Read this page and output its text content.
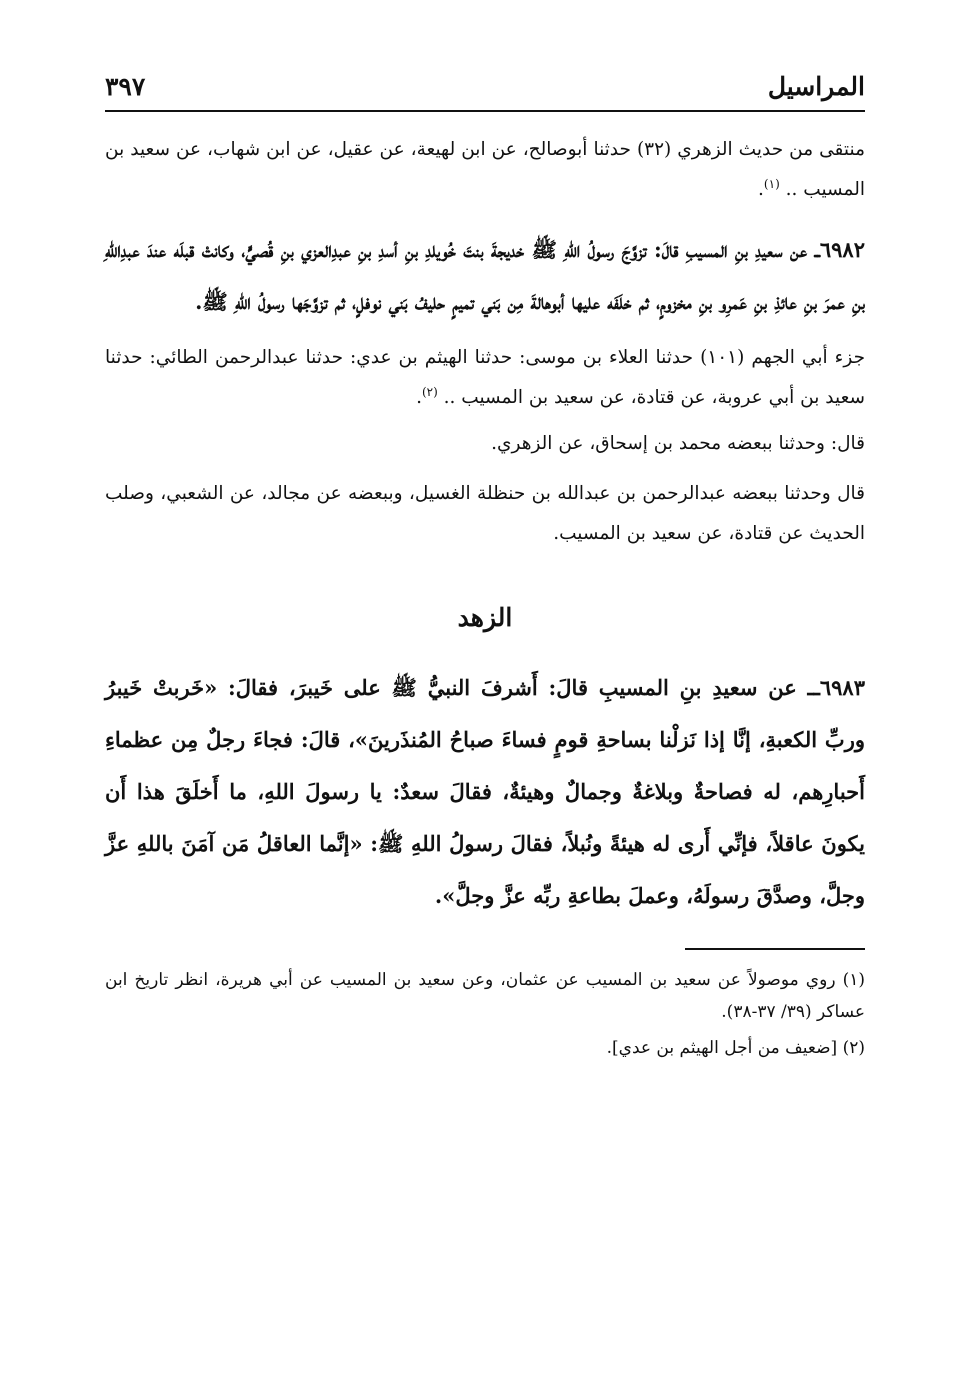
المراسيل
٣٩٧

منتقى من حديث الزهري (٣٢) حدثنا أبوصالح، عن ابن لهيعة، عن عقيل، عن ابن شهاب، عن سعيد بن المسيب .. $^{(١)}$.

٦٩٨٢ــ عن سعيدِ بنِ المسيبِ قالَ: تزوَّجَ رسولُ اللهِ ﷺ خديجةَ بنتَ خُويلدِ بنِ أسدِ بنِ عبدِالعزي بنِ قُصيٍّ، وكانتْ قبلَه عندَ عبدِاللهِ بنِ عمرَ بنِ عائذِ بنِ عَمرِو بنِ مخزومٍ، ثم خلَفَه عليها أبوهالةَ مِن بَني تميمٍ حليفُ بَني نوفلٍ، ثم تزوَّجَها رسولُ اللهِ ﷺ.

جزء أبي الجهم (١٠١) حدثنا العلاء بن موسى: حدثنا الهيثم بن عدي: حدثنا عبدالرحمن الطائي: حدثنا سعيد بن أبي عروبة، عن قتادة، عن سعيد بن المسيب .. $^{(٢)}$.

قال: وحدثنا ببعضه محمد بن إسحاق، عن الزهري.

قال وحدثنا ببعضه عبدالرحمن بن عبدالله بن حنظلة الغسيل، وببعضه عن مجالد، عن الشعبي، وصلب الحديث عن قتادة، عن سعيد بن المسيب.

الزهد

٦٩٨٣ــ عن سعيدِ بنِ المسيبِ قالَ: أَشرفَ النبيُّ ﷺ على خَيبرَ، فقالَ: «خَربتْ خَيبرُ وربِّ الكعبةِ، إنَّا إذا نَزلْنا بساحةِ قومٍ فساءَ صباحُ المُنذَرينَ»، قالَ: فجاءَ رجلٌ مِن عظماءِ أَحبارِهم، له فصاحةٌ وبلاغةٌ وجمالٌ وهيئةٌ، فقالَ سعدٌ: يا رسولَ اللهِ، ما أَخلَقَ هذا أَن يكونَ عاقلاً، فإنِّي أَرى له هيئةً ونُبلاً، فقالَ رسولُ اللهِ ﷺ: «إنَّما العاقلُ مَن آمَنَ باللهِ عزَّ وجلَّ، وصدَّقَ رسولَهُ، وعملَ بطاعةِ ربِّه عزَّ وجلَّ».

(١) روي موصولاً عن سعيد بن المسيب عن عثمان، وعن سعيد بن المسيب عن أبي هريرة، انظر تاريخ ابن عساكر (٣٩/ ٣٧-٣٨).

(٢) [ضعيف من أجل الهيثم بن عدي].
